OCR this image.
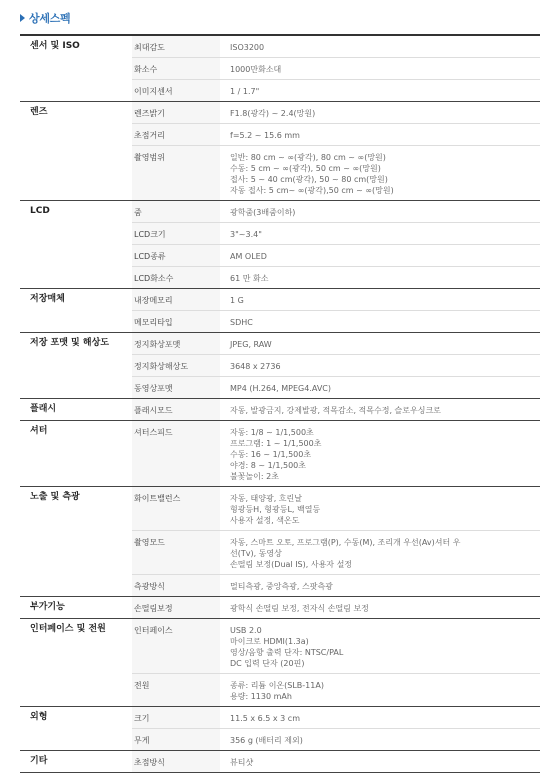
상세스펙
센서 및 ISO	최대감도	ISO3200

	화소수	1000만화소대

	이미지센서	1 / 1.7"

렌즈	렌즈밝기	F1.8(광각) ~ 2.4(망원)

	초점거리	f=5.2 ~ 15.6 mm

	촬영범위	일반: 80 cm ~ ∞(광각), 80 cm ~ ∞(망원)
수동: 5 cm ~ ∞(광각), 50 cm ~ ∞(망원)
접사: 5 ~ 40 cm(광각), 50 ~ 80 cm(망원)
자동 접사: 5 cm~ ∞(광각),50 cm ~ ∞(망원)

LCD	줌	광학줌(3배줌이하)

	LCD크기	3"~3.4"

	LCD종류	AM OLED

	LCD화소수	61 만 화소

저장매체	내장메모리	1 G

	메모리타입	SDHC

저장 포맷 및 해상도	정지화상포맷	JPEG, RAW

	정지화상해상도	3648 x 2736

	동영상포맷	MP4 (H.264, MPEG4.AVC)

플래시	플래시모드	자동, 발광금지, 강제발광, 적목감소, 적목수정, 슬로우싱크로

셔터	셔터스피드	자동: 1/8 ~ 1/1,500초
프로그램: 1 ~ 1/1,500초
수동: 16 ~ 1/1,500초
야경: 8 ~ 1/1,500초
불꽃놀이: 2초

노출 및 측광	화이트밸런스	자동, 태양광, 흐린날
형광등H, 형광등L, 백열등
사용자 설정, 색온도

	촬영모드	자동, 스마트 오토, 프로그램(P), 수동(M), 조리개 우선(Av)셔터 우
선(Tv), 동영상
손떨림 보정(Dual IS), 사용자 설정

	측광방식	멀티측광, 중앙측광, 스팟측광

부가기능	손떨림보정	광학식 손떨림 보정, 전자식 손떨림 보정

인터페이스 및 전원	인터페이스	USB 2.0
마이크로 HDMI(1.3a)
영상/음향 출력 단자: NTSC/PAL
DC 입력 단자 (20핀)

	전원	종류: 리튬 이온(SLB-11A)
용량: 1130 mAh

외형	크기	11.5 x 6.5 x 3 cm

	무게	356 g (배터리 제외)

기타	초점방식	뷰티샷
